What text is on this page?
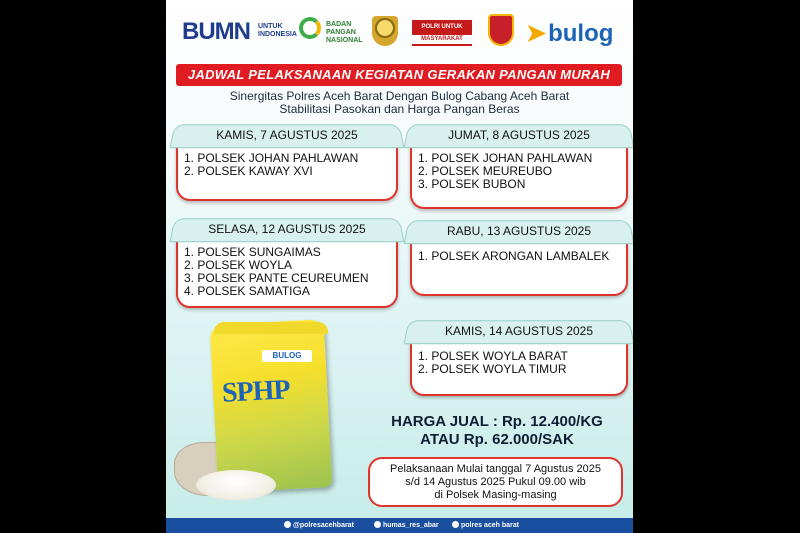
BUMN UNTUK INDONESIA
BADAN PANGAN NASIONAL
POLRI UNTUK
MASYARAKAT	➤bulog
JADWAL PELAKSANAAN KEGIATAN GERAKAN PANGAN MURAH
Sinergitas Polres Aceh Barat Dengan Bulog Cabang Aceh Barat
Stabilitasi Pasokan dan Harga Pangan Beras
KAMIS, 7 AGUSTUS 2025
1. POLSEK JOHAN PAHLAWAN
2. POLSEK KAWAY XVI
JUMAT, 8 AGUSTUS 2025
1. POLSEK JOHAN PAHLAWAN
2. POLSEK MEUREUBO
3. POLSEK BUBON
SELASA, 12 AGUSTUS 2025
1. POLSEK SUNGAIMAS
2. POLSEK WOYLA
3. POLSEK PANTE CEUREUMEN
4. POLSEK SAMATIGA
RABU, 13 AGUSTUS 2025
1. POLSEK ARONGAN LAMBALEK
KAMIS, 14 AGUSTUS 2025
1. POLSEK WOYLA BARAT
2. POLSEK WOYLA TIMUR
BULOG
SPHP
HARGA JUAL : Rp. 12.400/KG
ATAU Rp. 62.000/SAK
Pelaksanaan Mulai tanggal 7 Agustus 2025
s/d 14 Agustus 2025 Pukul 09.00 wib
di Polsek Masing-masing
@polresacehbarat	humas_res_abar	polres aceh barat
